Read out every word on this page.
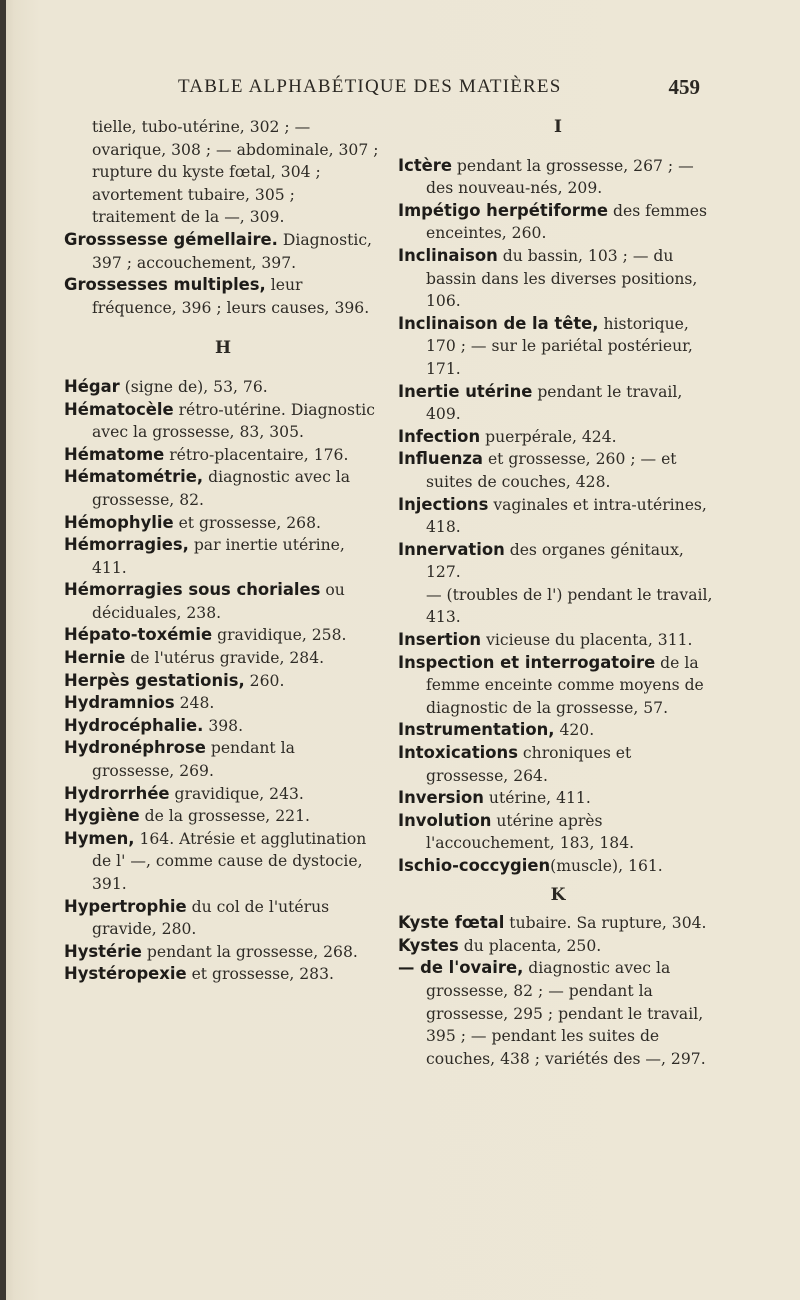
TABLE ALPHABÉTIQUE DES MATIÈRES	459

tielle, tubo-utérine, 302 ; — ovarique, 308 ; — abdominale, 307 ; rupture du kyste fœtal, 304 ; avortement tubaire, 305 ; traitement de la —, 309.

Grosssesse gémellaire. Diagnostic, 397 ; accouchement, 397.

Grossesses multiples, leur fréquence, 396 ; leurs causes, 396.

H

Hégar (signe de), 53, 76.

Hématocèle rétro-utérine. Diagnostic avec la grossesse, 83, 305.

Hématome rétro-placentaire, 176.

Hématométrie, diagnostic avec la grossesse, 82.

Hémophylie et grossesse, 268.

Hémorragies, par inertie utérine, 411.

Hémorragies sous choriales ou déciduales, 238.

Hépato-toxémie gravidique, 258.

Hernie de l'utérus gravide, 284.

Herpès gestationis, 260.

Hydramnios 248.

Hydrocéphalie. 398.

Hydronéphrose pendant la grossesse, 269.

Hydrorrhée gravidique, 243.

Hygiène de la grossesse, 221.

Hymen, 164. Atrésie et agglutination de l' —, comme cause de dystocie, 391.

Hypertrophie du col de l'utérus gravide, 280.

Hystérie pendant la grossesse, 268.

Hystéropexie et grossesse, 283.

I

Ictère pendant la grossesse, 267 ; — des nouveau-nés, 209.

Impétigo herpétiforme des femmes enceintes, 260.

Inclinaison du bassin, 103 ; — du bassin dans les diverses positions, 106.

Inclinaison de la tête, historique, 170 ; — sur le pariétal postérieur, 171.

Inertie utérine pendant le travail, 409.

Infection puerpérale, 424.

Influenza et grossesse, 260 ; — et suites de couches, 428.

Injections vaginales et intra-utérines, 418.

Innervation des organes génitaux, 127.

— (troubles de l') pendant le travail, 413.

Insertion vicieuse du placenta, 311.

Inspection et interrogatoire de la femme enceinte comme moyens de diagnostic de la grossesse, 57.

Instrumentation, 420.

Intoxications chroniques et grossesse, 264.

Inversion utérine, 411.

Involution utérine après l'accouchement, 183, 184.

Ischio-coccygien(muscle), 161.

K

Kyste fœtal tubaire. Sa rupture, 304.

Kystes du placenta, 250.

— de l'ovaire, diagnostic avec la grossesse, 82 ; — pendant la grossesse, 295 ; pendant le travail, 395 ; — pendant les suites de couches, 438 ; variétés des —, 297.
